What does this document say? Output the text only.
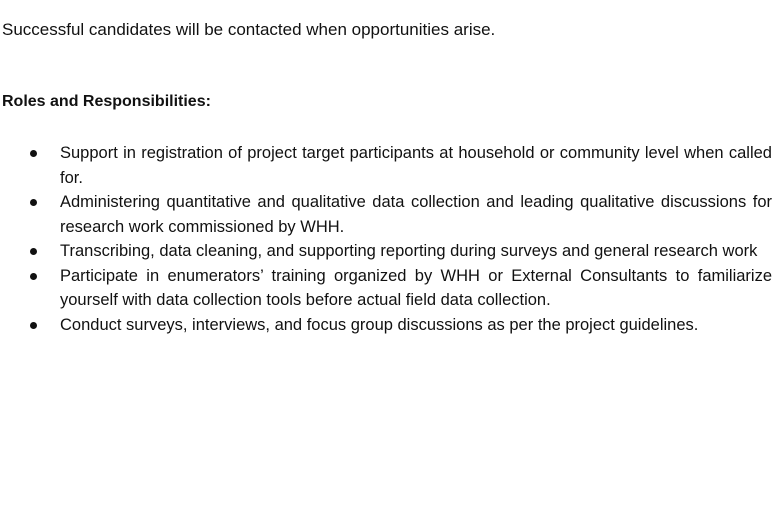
Successful candidates will be contacted when opportunities arise.
Roles and Responsibilities:
Support in registration of project target participants at household or community level when called for.
Administering quantitative and qualitative data collection and leading qualitative discussions for research work commissioned by WHH.
Transcribing, data cleaning, and supporting reporting during surveys and general research work
Participate in enumerators’ training organized by WHH or External Consultants to familiarize yourself with data collection tools before actual field data collection.
Conduct surveys, interviews, and focus group discussions as per the project guidelines.
